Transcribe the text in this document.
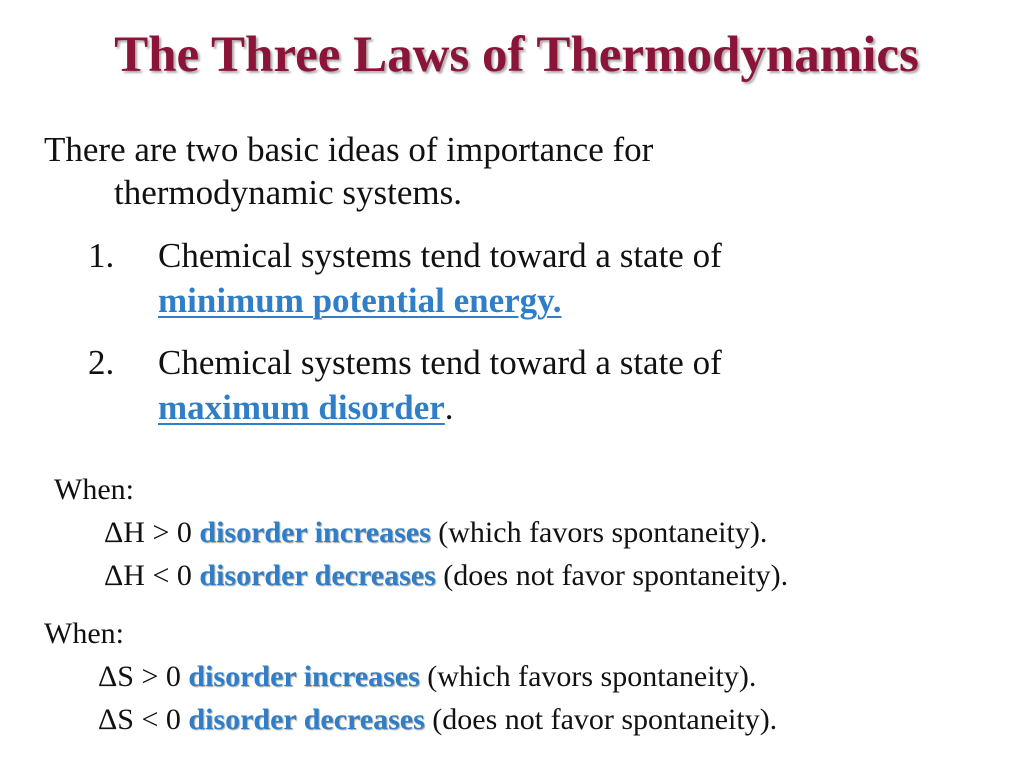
The Three Laws of Thermodynamics
There are two basic ideas of importance for
thermodynamic systems.
1. Chemical systems tend toward a state of
minimum potential energy.
2. Chemical systems tend toward a state of
maximum disorder.
When:
ΔH > 0 disorder increases (which favors spontaneity).
ΔH < 0 disorder decreases (does not favor spontaneity).
When:
ΔS > 0 disorder increases (which favors spontaneity).
ΔS < 0 disorder decreases (does not favor spontaneity).
